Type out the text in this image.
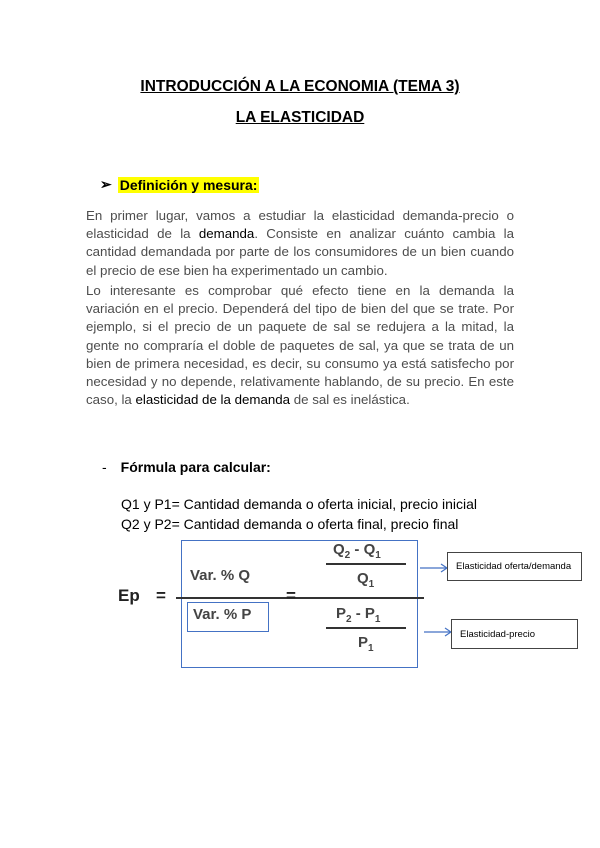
INTRODUCCIÓN A LA ECONOMIA (TEMA 3)
LA ELASTICIDAD
➢ Definición y mesura:
En primer lugar, vamos a estudiar la elasticidad demanda-precio o elasticidad de la demanda. Consiste en analizar cuánto cambia la cantidad demandada por parte de los consumidores de un bien cuando el precio de ese bien ha experimentado un cambio.
Lo interesante es comprobar qué efecto tiene en la demanda la variación en el precio. Dependerá del tipo de bien del que se trate. Por ejemplo, si el precio de un paquete de sal se redujera a la mitad, la gente no compraría el doble de paquetes de sal, ya que se trata de un bien de primera necesidad, es decir, su consumo ya está satisfecho por necesidad y no depende, relativamente hablando, de su precio. En este caso, la elasticidad de la demanda de sal es inelástica.
- Fórmula para calcular:
Q1 y P1= Cantidad demanda o oferta inicial, precio inicial
Q2 y P2= Cantidad demanda o oferta final, precio final
Ep =
Var. % Q
=
Var. % P
$Q_2 - Q_1$
$Q_1$
$P_2 - P_1$
$P_1$
Elasticidad oferta/demanda
Elasticidad-precio
